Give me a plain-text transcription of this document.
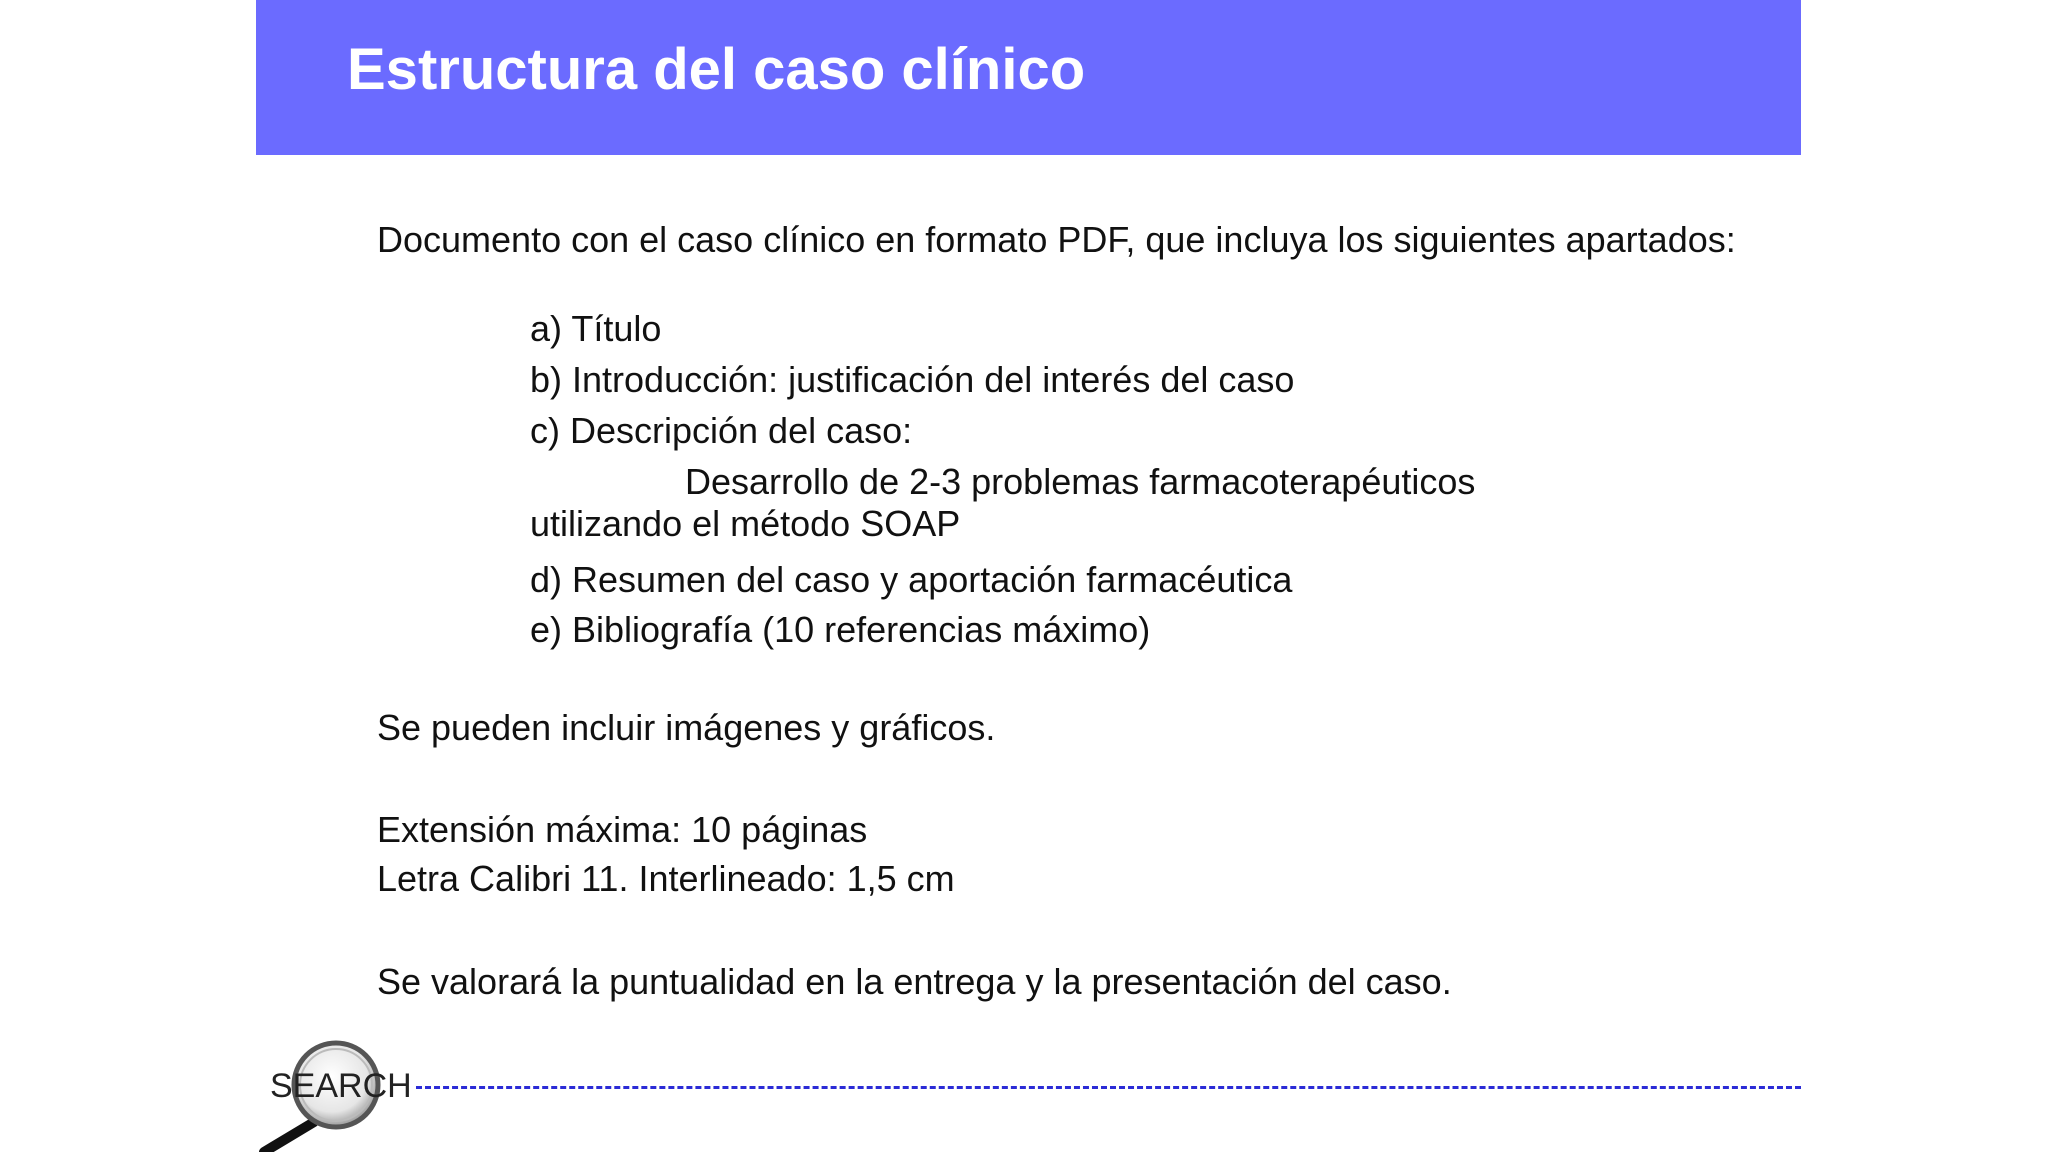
Estructura del caso clínico
Documento con el caso clínico en formato PDF, que incluya los siguientes apartados:
a) Título
b) Introducción: justificación del interés del caso
c) Descripción del caso:
Desarrollo de 2-3 problemas farmacoterapéuticos
utilizando el método SOAP
d) Resumen del caso y aportación farmacéutica
e) Bibliografía (10 referencias máximo)
Se pueden incluir imágenes y gráficos.
Extensión máxima: 10 páginas
Letra Calibri 11. Interlineado: 1,5 cm
Se valorará la puntualidad en la entrega y la presentación del caso.
SEARCH
